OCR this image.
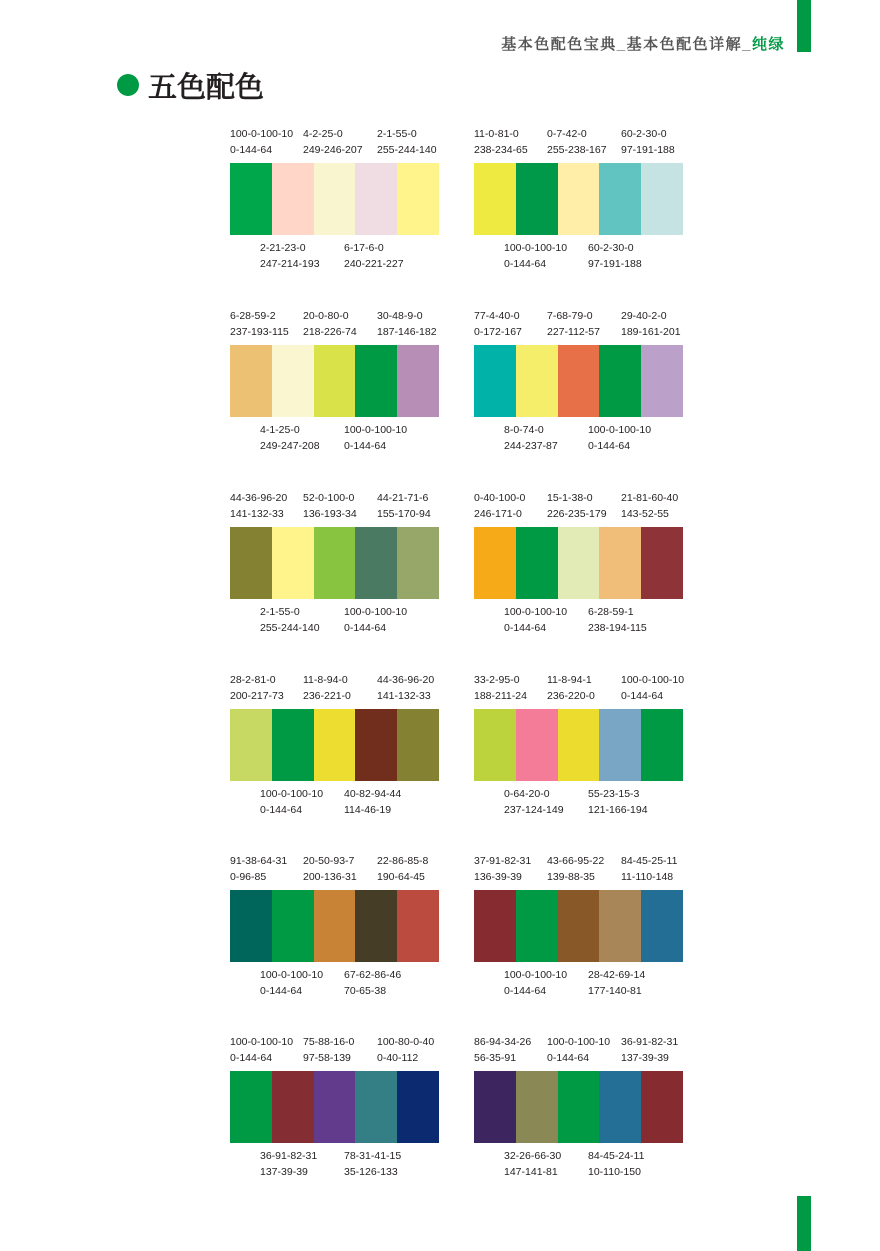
基本色配色宝典_基本色配色详解_纯绿
五色配色
100-0-100-10
0-144-64
4-2-25-0
249-246-207
2-1-55-0
255-244-140
2-21-23-0
247-214-193
6-17-6-0
240-221-227
11-0-81-0
238-234-65
0-7-42-0
255-238-167
60-2-30-0
97-191-188
100-0-100-10
0-144-64
60-2-30-0
97-191-188
6-28-59-2
237-193-115
20-0-80-0
218-226-74
30-48-9-0
187-146-182
4-1-25-0
249-247-208
100-0-100-10
0-144-64
77-4-40-0
0-172-167
7-68-79-0
227-112-57
29-40-2-0
189-161-201
8-0-74-0
244-237-87
100-0-100-10
0-144-64
44-36-96-20
141-132-33
52-0-100-0
136-193-34
44-21-71-6
155-170-94
2-1-55-0
255-244-140
100-0-100-10
0-144-64
0-40-100-0
246-171-0
15-1-38-0
226-235-179
21-81-60-40
143-52-55
100-0-100-10
0-144-64
6-28-59-1
238-194-115
28-2-81-0
200-217-73
11-8-94-0
236-221-0
44-36-96-20
141-132-33
100-0-100-10
0-144-64
40-82-94-44
114-46-19
33-2-95-0
188-211-24
11-8-94-1
236-220-0
100-0-100-10
0-144-64
0-64-20-0
237-124-149
55-23-15-3
121-166-194
91-38-64-31
0-96-85
20-50-93-7
200-136-31
22-86-85-8
190-64-45
100-0-100-10
0-144-64
67-62-86-46
70-65-38
37-91-82-31
136-39-39
43-66-95-22
139-88-35
84-45-25-11
11-110-148
100-0-100-10
0-144-64
28-42-69-14
177-140-81
100-0-100-10
0-144-64
75-88-16-0
97-58-139
100-80-0-40
0-40-112
36-91-82-31
137-39-39
78-31-41-15
35-126-133
86-94-34-26
56-35-91
100-0-100-10
0-144-64
36-91-82-31
137-39-39
32-26-66-30
147-141-81
84-45-24-11
10-110-150
